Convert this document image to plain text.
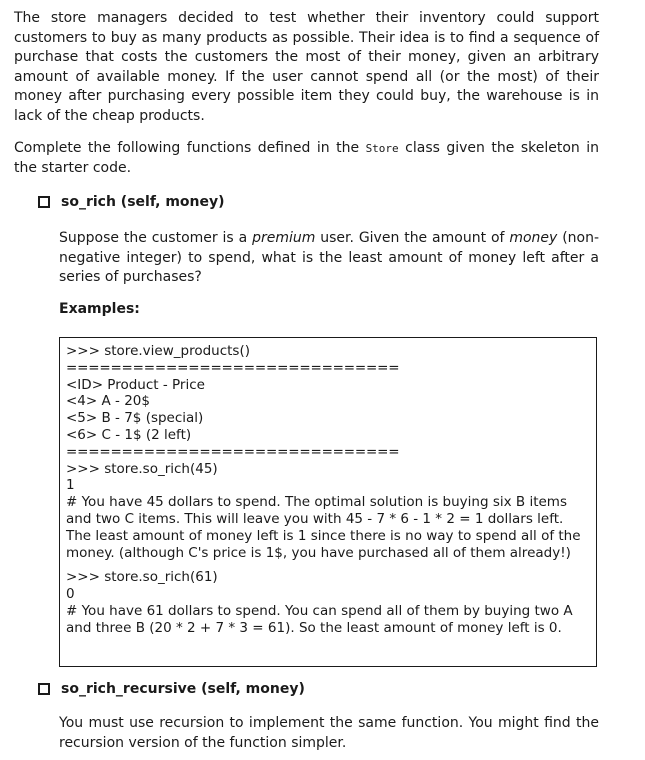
The store managers decided to test whether their inventory could support customers to buy as many products as possible. Their idea is to find a sequence of purchase that costs the customers the most of their money, given an arbitrary amount of available money. If the user cannot spend all (or the most) of their money after purchasing every possible item they could buy, the warehouse is in lack of the cheap products.

Complete the following functions defined in the Store class given the skeleton in the starter code.

so_rich (self, money)

Suppose the customer is a premium user. Given the amount of money (non-negative integer) to spend, what is the least amount of money left after a series of purchases?

Examples:
>>> store.view_products()
==============================
<ID> Product - Price
<4> A - 20$
<5> B - 7$ (special)
<6> C - 1$ (2 left)
==============================
>>> store.so_rich(45)
1
# You have 45 dollars to spend. The optimal solution is buying six B items and two C items. This will leave you with 45 - 7 * 6 - 1 * 2 = 1 dollars left. The least amount of money left is 1 since there is no way to spend all of the money. (although C's price is 1$, you have purchased all of them already!)
>>> store.so_rich(61)
0
# You have 61 dollars to spend. You can spend all of them by buying two A and three B (20 * 2 + 7 * 3 = 61). So the least amount of money left is 0.
so_rich_recursive (self, money)

You must use recursion to implement the same function. You might find the recursion version of the function simpler.
